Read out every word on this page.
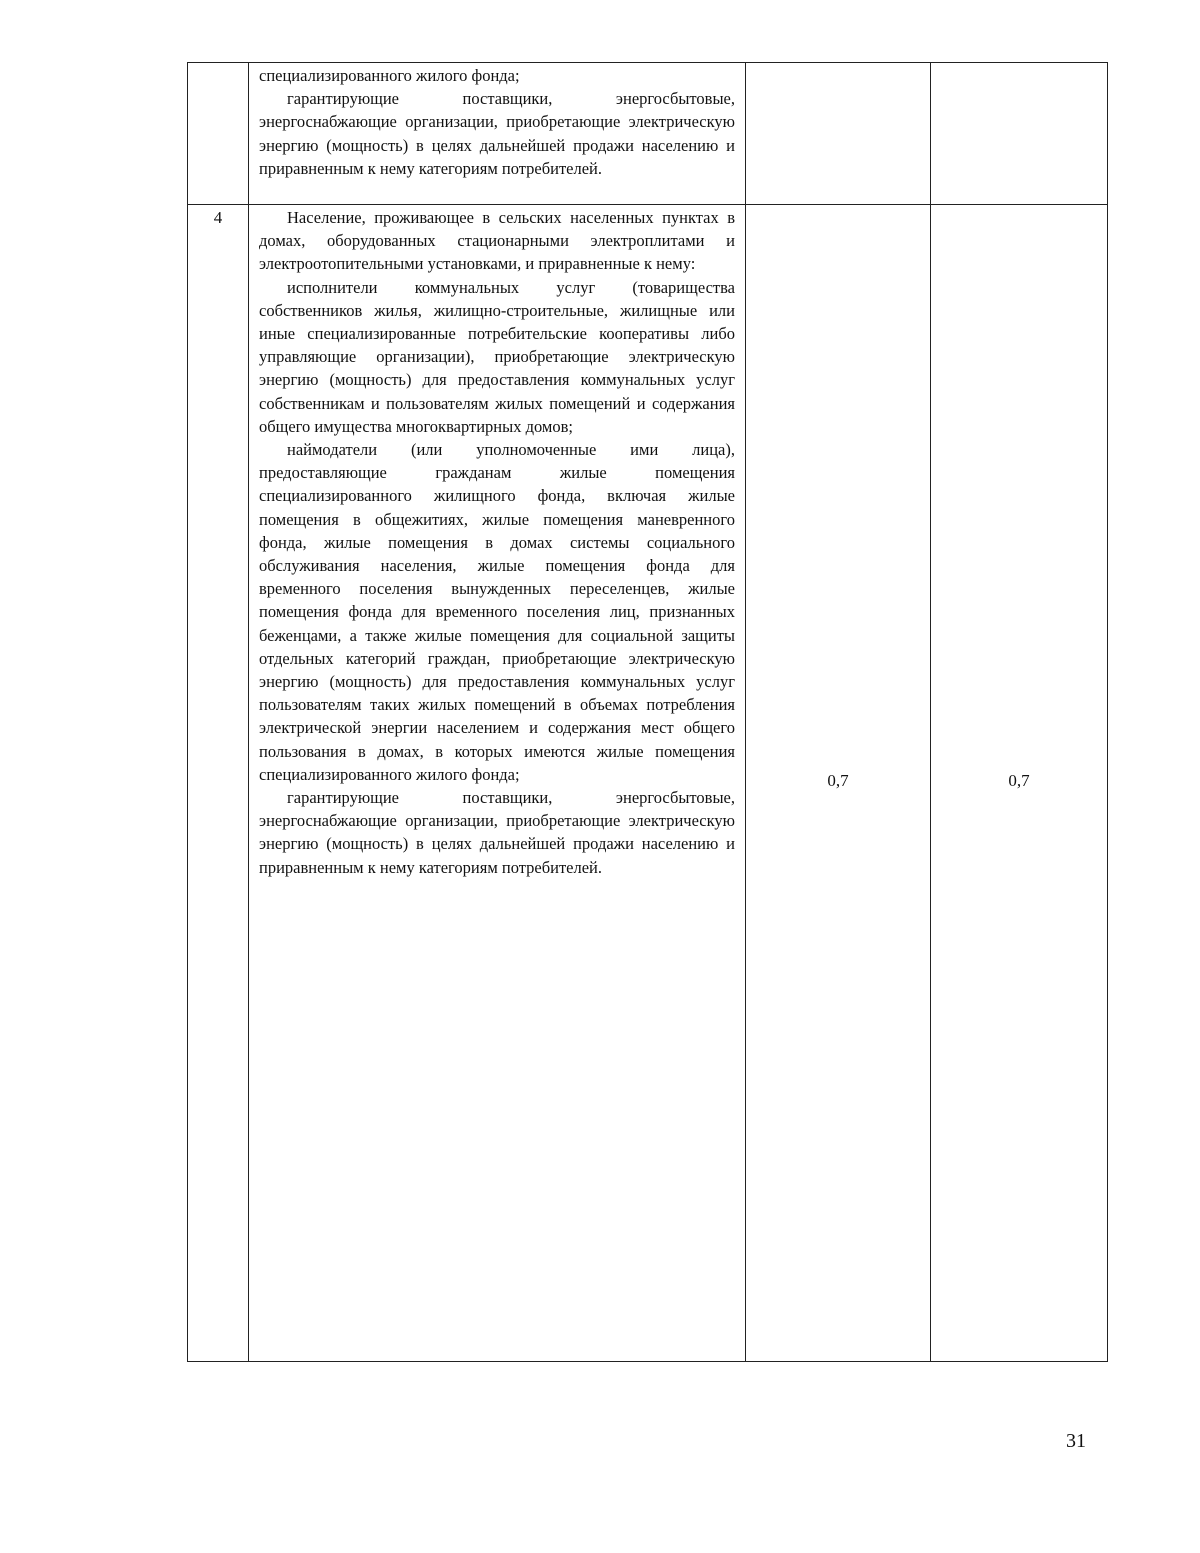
	специализированного жилого фонда;

гарантирующие поставщики, энергосбытовые, энергоснабжающие организации, приобретающие электрическую энергию (мощность) в целях дальнейшей продажи населению и приравненным к нему категориям потребителей.		

4	Население, проживающее в сельских населенных пунктах в домах, оборудованных стационарными электроплитами и электроотопительными установками, и приравненные к нему:

исполнители коммунальных услуг (товарищества собственников жилья, жилищно-строительные, жилищные или иные специализированные потребительские кооперативы либо управляющие организации), приобретающие электрическую энергию (мощность) для предоставления коммунальных услуг собственникам и пользователям жилых помещений и содержания общего имущества многоквартирных домов;

наймодатели (или уполномоченные ими лица), предоставляющие гражданам жилые помещения специализированного жилищного фонда, включая жилые помещения в общежитиях, жилые помещения маневренного фонда, жилые помещения в домах системы социального обслуживания населения, жилые помещения фонда для временного поселения вынужденных переселенцев, жилые помещения фонда для временного поселения лиц, признанных беженцами, а также жилые помещения для социальной защиты отдельных категорий граждан, приобретающие электрическую энергию (мощность) для предоставления коммунальных услуг пользователям таких жилых помещений в объемах потребления электрической энергии населением и содержания мест общего пользования в домах, в которых имеются жилые помещения специализированного жилого фонда;

гарантирующие поставщики, энергосбытовые, энергоснабжающие организации, приобретающие электрическую энергию (мощность) в целях дальнейшей продажи населению и приравненным к нему категориям потребителей.	0,7	0,7
31
